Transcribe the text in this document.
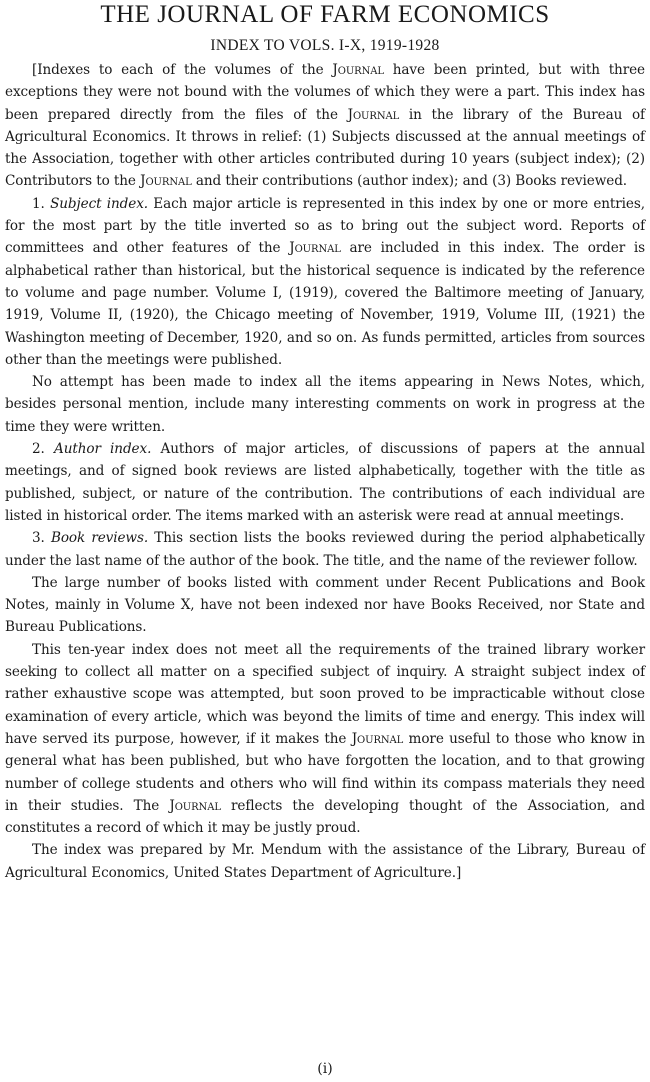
THE JOURNAL OF FARM ECONOMICS
INDEX TO VOLS. I-X, 1919-1928

[Indexes to each of the volumes of the Journal have been printed, but with three exceptions they were not bound with the volumes of which they were a part. This index has been prepared directly from the files of the Journal in the library of the Bureau of Agricultural Economics. It throws in relief: (1) Subjects discussed at the annual meetings of the Association, together with other articles contributed during 10 years (subject index); (2) Contributors to the Journal and their contributions (author index); and (3) Books reviewed.

1. Subject index. Each major article is represented in this index by one or more entries, for the most part by the title inverted so as to bring out the subject word. Reports of committees and other features of the Journal are included in this index. The order is alphabetical rather than historical, but the historical sequence is indicated by the reference to volume and page number. Volume I, (1919), covered the Baltimore meeting of January, 1919, Volume II, (1920), the Chicago meeting of November, 1919, Volume III, (1921) the Washington meeting of December, 1920, and so on. As funds permitted, articles from sources other than the meetings were published.

No attempt has been made to index all the items appearing in News Notes, which, besides personal mention, include many interesting comments on work in progress at the time they were written.

2. Author index. Authors of major articles, of discussions of papers at the annual meetings, and of signed book reviews are listed alphabetically, together with the title as published, subject, or nature of the contribution. The contributions of each individual are listed in historical order. The items marked with an asterisk were read at annual meetings.

3. Book reviews. This section lists the books reviewed during the period alphabetically under the last name of the author of the book. The title, and the name of the reviewer follow.

The large number of books listed with comment under Recent Publications and Book Notes, mainly in Volume X, have not been indexed nor have Books Received, nor State and Bureau Publications.

This ten-year index does not meet all the requirements of the trained library worker seeking to collect all matter on a specified subject of inquiry. A straight subject index of rather exhaustive scope was attempted, but soon proved to be impracticable without close examination of every article, which was beyond the limits of time and energy. This index will have served its purpose, however, if it makes the Journal more useful to those who know in general what has been published, but who have forgotten the location, and to that growing number of college students and others who will find within its compass materials they need in their studies. The Journal reflects the developing thought of the Association, and constitutes a record of which it may be justly proud.

The index was prepared by Mr. Mendum with the assistance of the Library, Bureau of Agricultural Economics, United States Department of Agriculture.]

(i)
